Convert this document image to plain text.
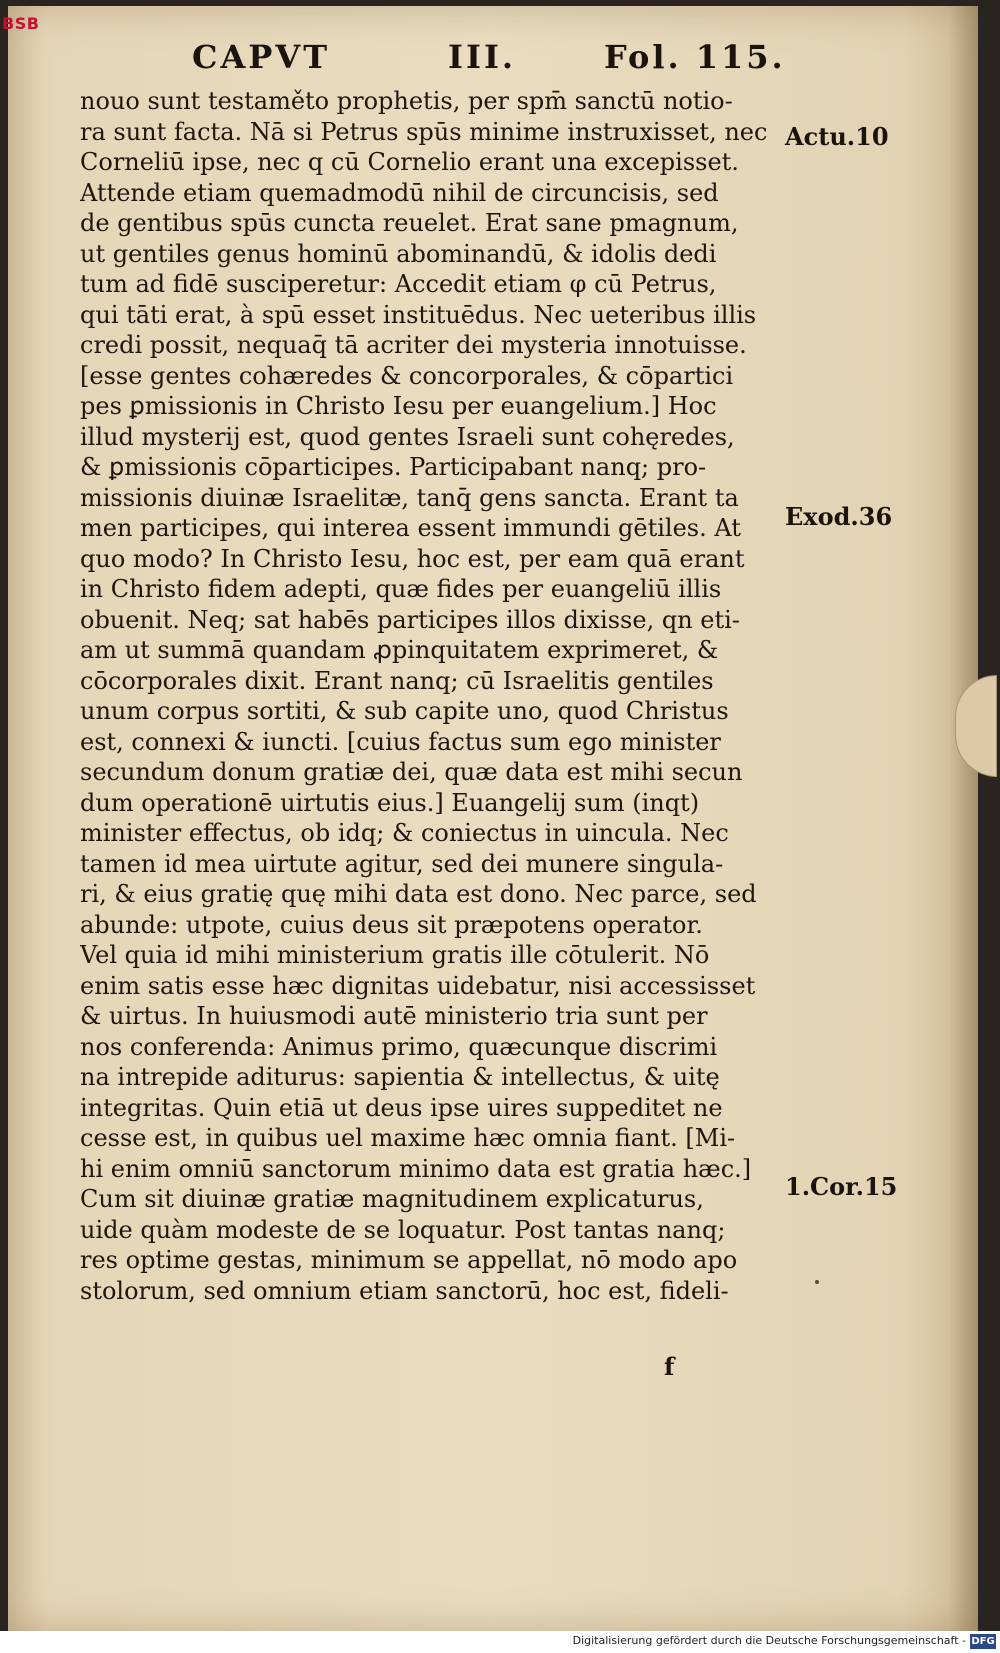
BSB
CAPVT	III.	Fol. 115.
nouo sunt testaměto prophetis, per spm̄ sanctū notio-
ra sunt facta. Nā si Petrus spūs minime instruxisset, nec
Corneliū ipse, nec q cū Cornelio erant una excepisset.
Attende etiam quemadmodū nihil de circuncisis, sed
de gentibus spūs cuncta reuelet. Erat sane pmagnum,
ut gentiles genus hominū abominandū, & idolis dedi
tum ad fidē susciperetur: Accedit etiam φ cū Petrus,
qui tāti erat, à spū esset instituēdus. Nec ueteribus illis
credi possit, nequaq̄ tā acriter dei mysteria innotuisse.
[esse gentes cohæredes & concorporales, & cōpartici
pes ꝑmissionis in Christo Iesu per euangelium.] Hoc
illud mysterij est, quod gentes Israeli sunt cohęredes,
& ꝑmissionis cōparticipes. Participabant nanq; pro-
missionis diuinæ Israelitæ, tanq̄ gens sancta. Erant ta
men participes, qui interea essent immundi gētiles. At
quo modo? In Christo Iesu, hoc est, per eam quā erant
in Christo fidem adepti, quæ fides per euangeliū illis
obuenit. Neq; sat habēs participes illos dixisse, qn eti-
am ut summā quandam ꝓpinquitatem exprimeret, &
cōcorporales dixit. Erant nanq; cū Israelitis gentiles
unum corpus sortiti, & sub capite uno, quod Christus
est, connexi & iuncti. [cuius factus sum ego minister
secundum donum gratiæ dei, quæ data est mihi secun
dum operationē uirtutis eius.] Euangelij sum (inqt)
minister effectus, ob idq; & coniectus in uincula. Nec
tamen id mea uirtute agitur, sed dei munere singula-
ri, & eius gratię quę mihi data est dono. Nec parce, sed
abunde: utpote, cuius deus sit præpotens operator.
Vel quia id mihi ministerium gratis ille cōtulerit. Nō
enim satis esse hæc dignitas uidebatur, nisi accessisset
& uirtus. In huiusmodi autē ministerio tria sunt per
nos conferenda: Animus primo, quæcunque discrimi
na intrepide aditurus: sapientia & intellectus, & uitę
integritas. Quin etiā ut deus ipse uires suppeditet ne
cesse est, in quibus uel maxime hæc omnia fiant. [Mi-
hi enim omniū sanctorum minimo data est gratia hæc.]
Cum sit diuinæ gratiæ magnitudinem explicaturus,
uide quàm modeste de se loquatur. Post tantas nanq;
res optime gestas, minimum se appellat, nō modo apo
stolorum, sed omnium etiam sanctorū, hoc est, fideli-
Actu.10
Exod.36
1.Cor.15
f
Digitalisierung gefördert durch die Deutsche Forschungsgemeinschaft - DFG
